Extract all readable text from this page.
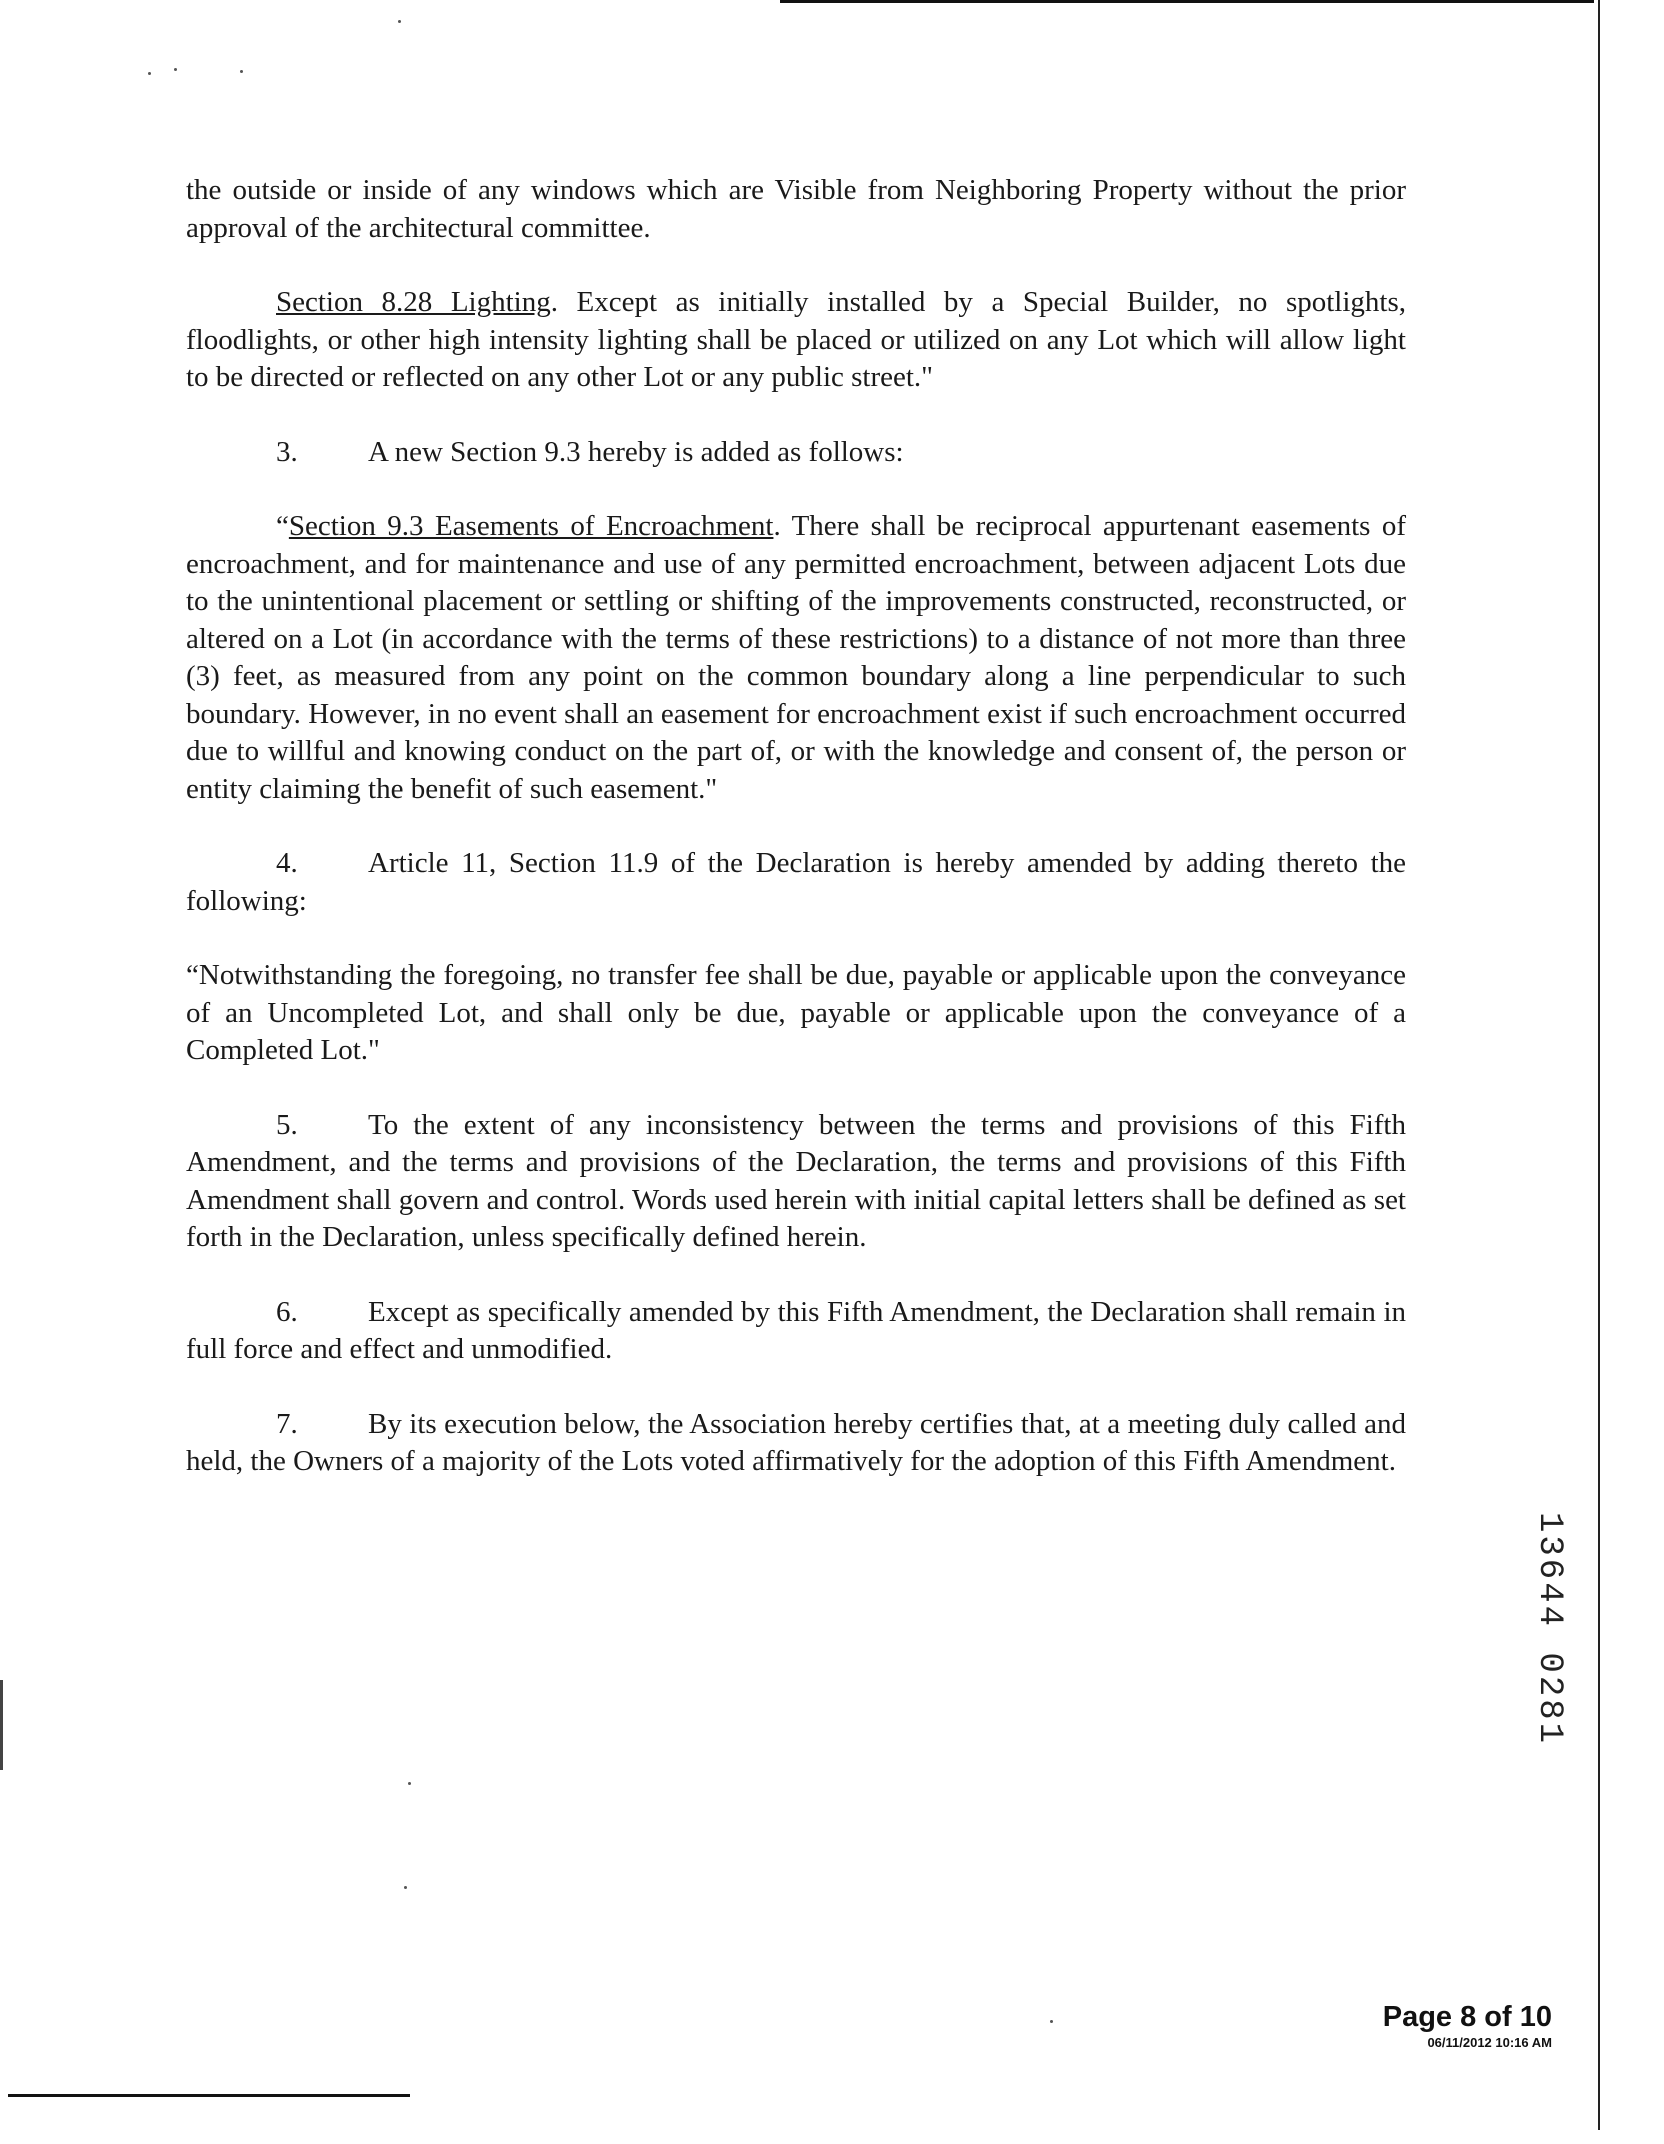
the outside or inside of any windows which are Visible from Neighboring Property without the prior approval of the architectural committee.

Section 8.28 Lighting. Except as initially installed by a Special Builder, no spotlights, floodlights, or other high intensity lighting shall be placed or utilized on any Lot which will allow light to be directed or reflected on any other Lot or any public street."

3. A new Section 9.3 hereby is added as follows:

“Section 9.3 Easements of Encroachment. There shall be reciprocal appurtenant easements of encroachment, and for maintenance and use of any permitted encroachment, between adjacent Lots due to the unintentional placement or settling or shifting of the improvements constructed, reconstructed, or altered on a Lot (in accordance with the terms of these restrictions) to a distance of not more than three (3) feet, as measured from any point on the common boundary along a line perpendicular to such boundary. However, in no event shall an easement for encroachment exist if such encroachment occurred due to willful and knowing conduct on the part of, or with the knowledge and consent of, the person or entity claiming the benefit of such easement."

4. Article 11, Section 11.9 of the Declaration is hereby amended by adding thereto the following:

“Notwithstanding the foregoing, no transfer fee shall be due, payable or applicable upon the conveyance of an Uncompleted Lot, and shall only be due, payable or applicable upon the conveyance of a Completed Lot."

5. To the extent of any inconsistency between the terms and provisions of this Fifth Amendment, and the terms and provisions of the Declaration, the terms and provisions of this Fifth Amendment shall govern and control. Words used herein with initial capital letters shall be defined as set forth in the Declaration, unless specifically defined herein.

6. Except as specifically amended by this Fifth Amendment, the Declaration shall remain in full force and effect and unmodified.

7. By its execution below, the Association hereby certifies that, at a meeting duly called and held, the Owners of a majority of the Lots voted affirmatively for the adoption of this Fifth Amendment.

13644 0281
Page 8 of 10
06/11/2012 10:16 AM
